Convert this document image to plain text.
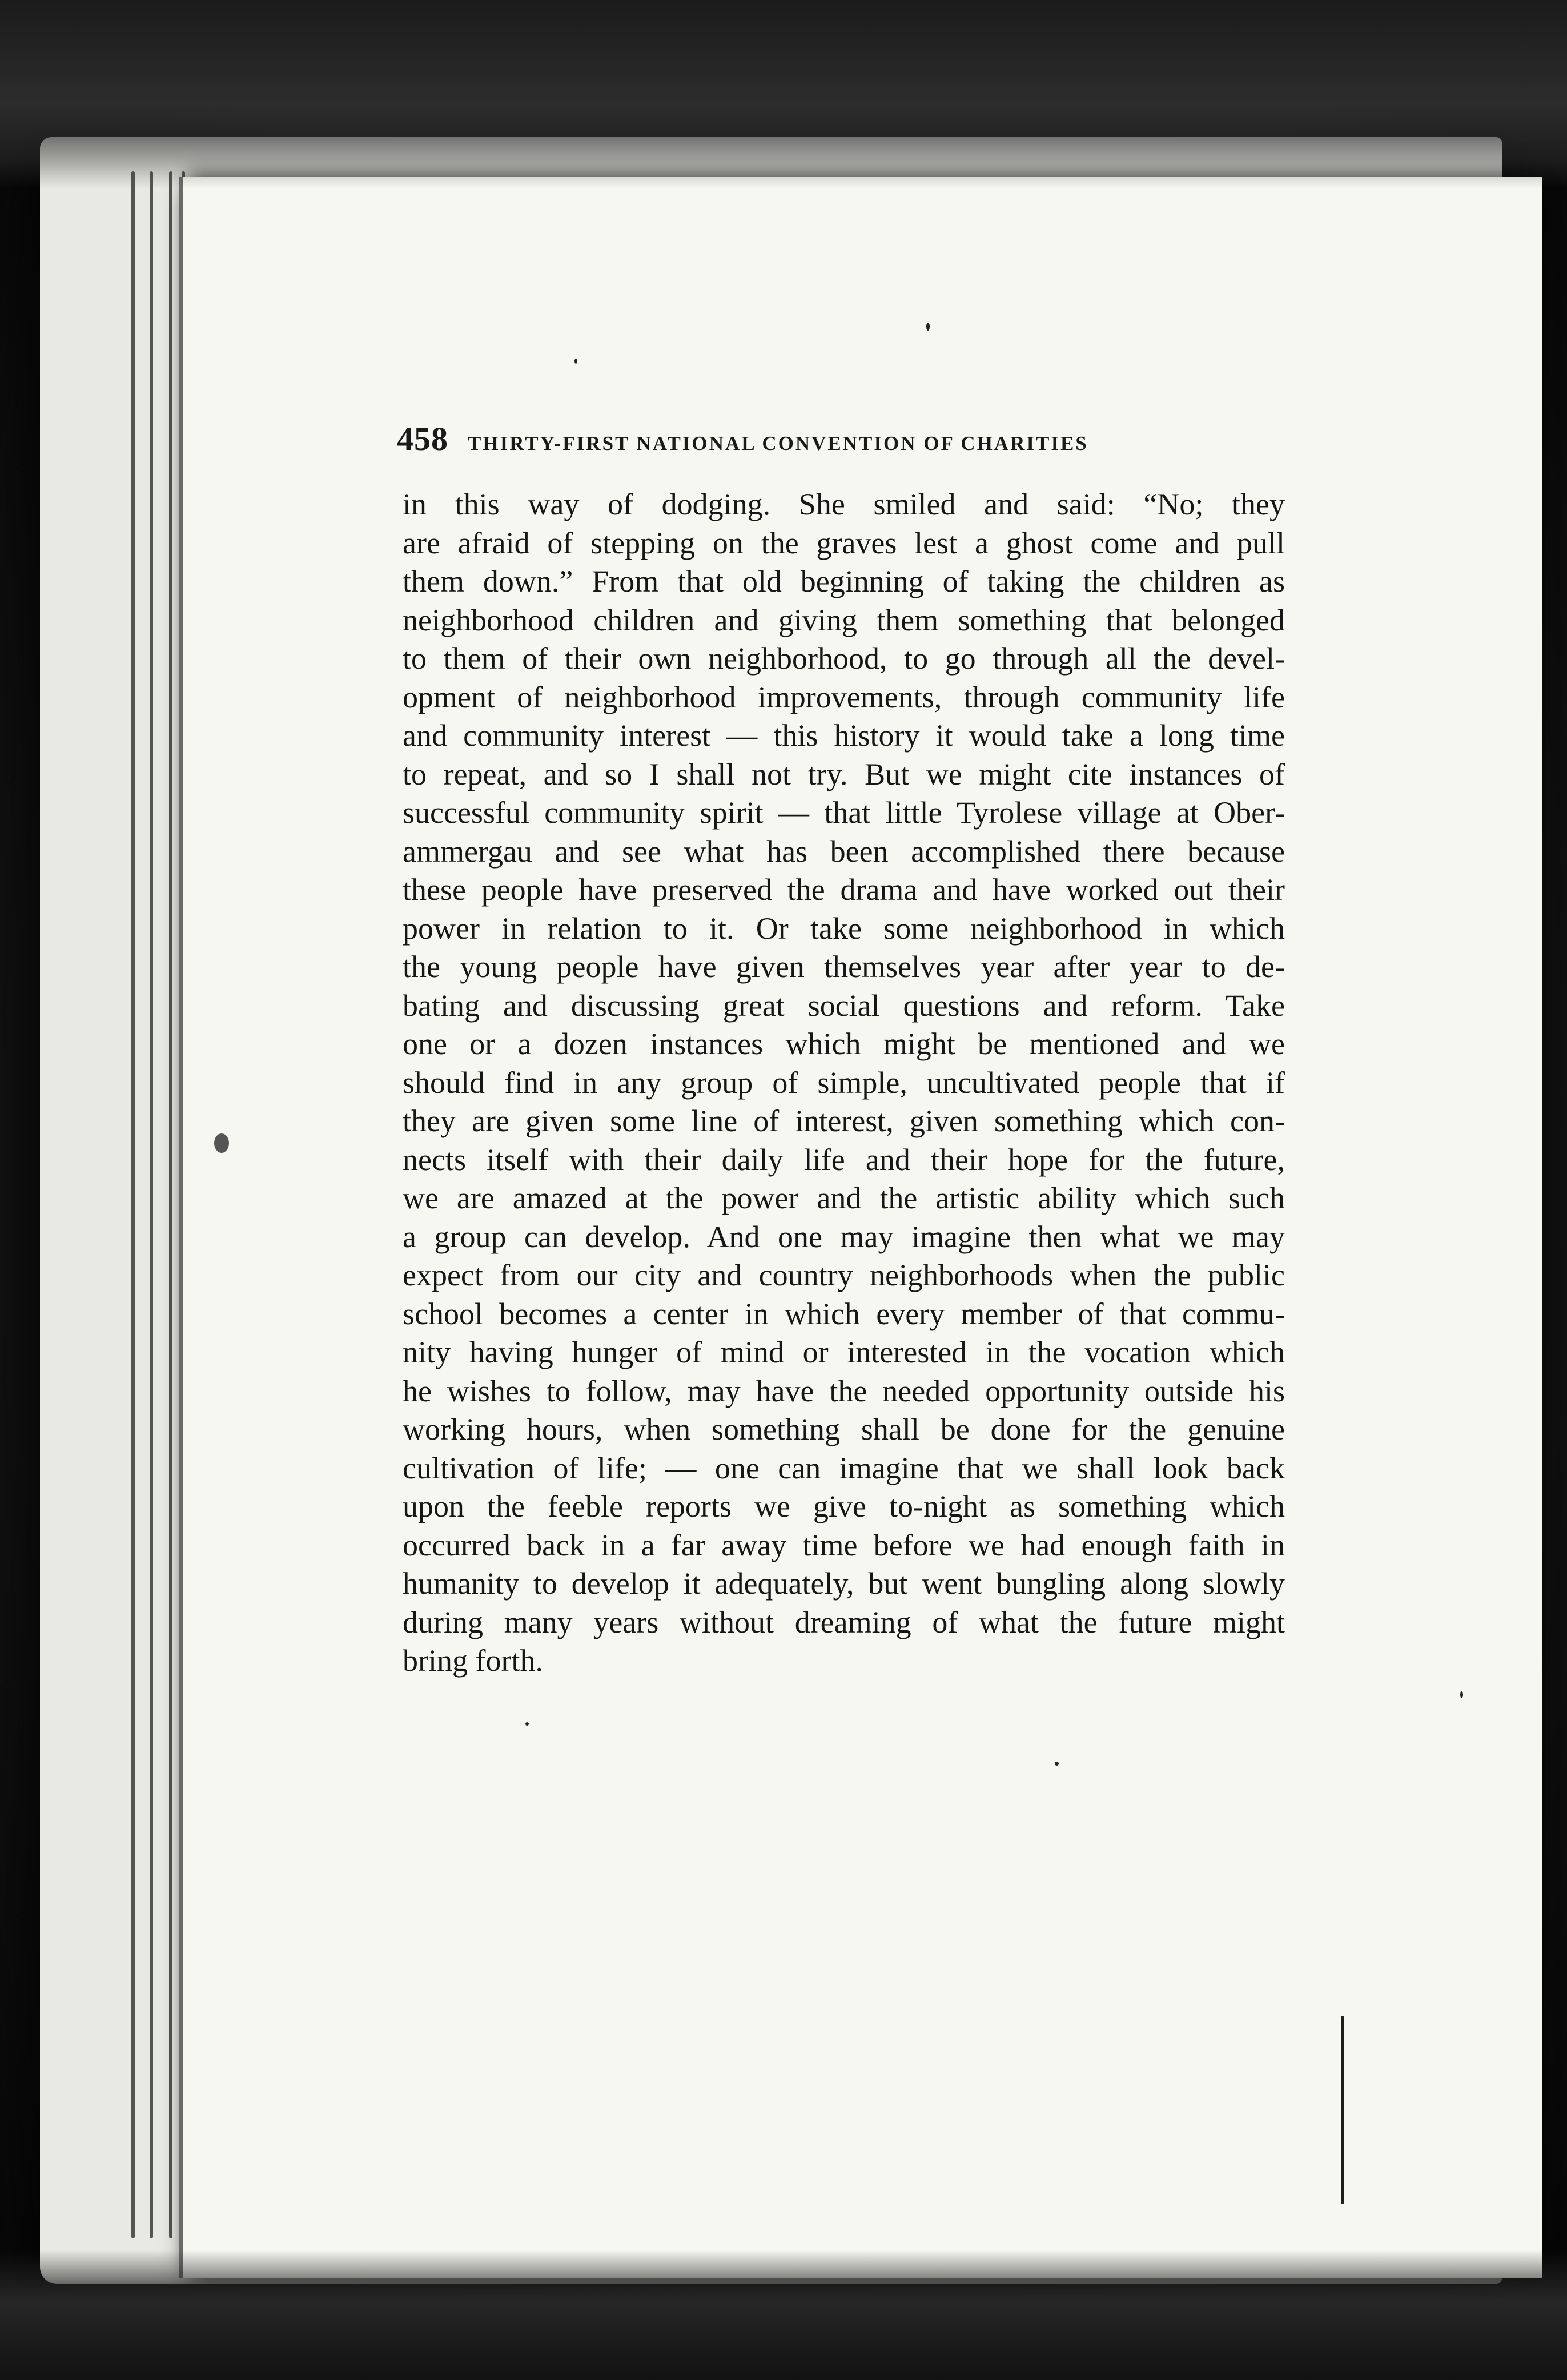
458 THIRTY-FIRST NATIONAL CONVENTION OF CHARITIES
in this way of dodging. She smiled and said: “No; they
are afraid of stepping on the graves lest a ghost come and pull
them down.” From that old beginning of taking the children as
neighborhood children and giving them something that belonged
to them of their own neighborhood, to go through all the devel-
opment of neighborhood improvements, through community life
and community interest — this history it would take a long time
to repeat, and so I shall not try. But we might cite instances of
successful community spirit — that little Tyrolese village at Ober-
ammergau and see what has been accomplished there because
these people have preserved the drama and have worked out their
power in relation to it. Or take some neighborhood in which
the young people have given themselves year after year to de-
bating and discussing great social questions and reform. Take
one or a dozen instances which might be mentioned and we
should find in any group of simple, uncultivated people that if
they are given some line of interest, given something which con-
nects itself with their daily life and their hope for the future,
we are amazed at the power and the artistic ability which such
a group can develop. And one may imagine then what we may
expect from our city and country neighborhoods when the public
school becomes a center in which every member of that commu-
nity having hunger of mind or interested in the vocation which
he wishes to follow, may have the needed opportunity outside his
working hours, when something shall be done for the genuine
cultivation of life; — one can imagine that we shall look back
upon the feeble reports we give to-night as something which
occurred back in a far away time before we had enough faith in
humanity to develop it adequately, but went bungling along slowly
during many years without dreaming of what the future might
bring forth.
